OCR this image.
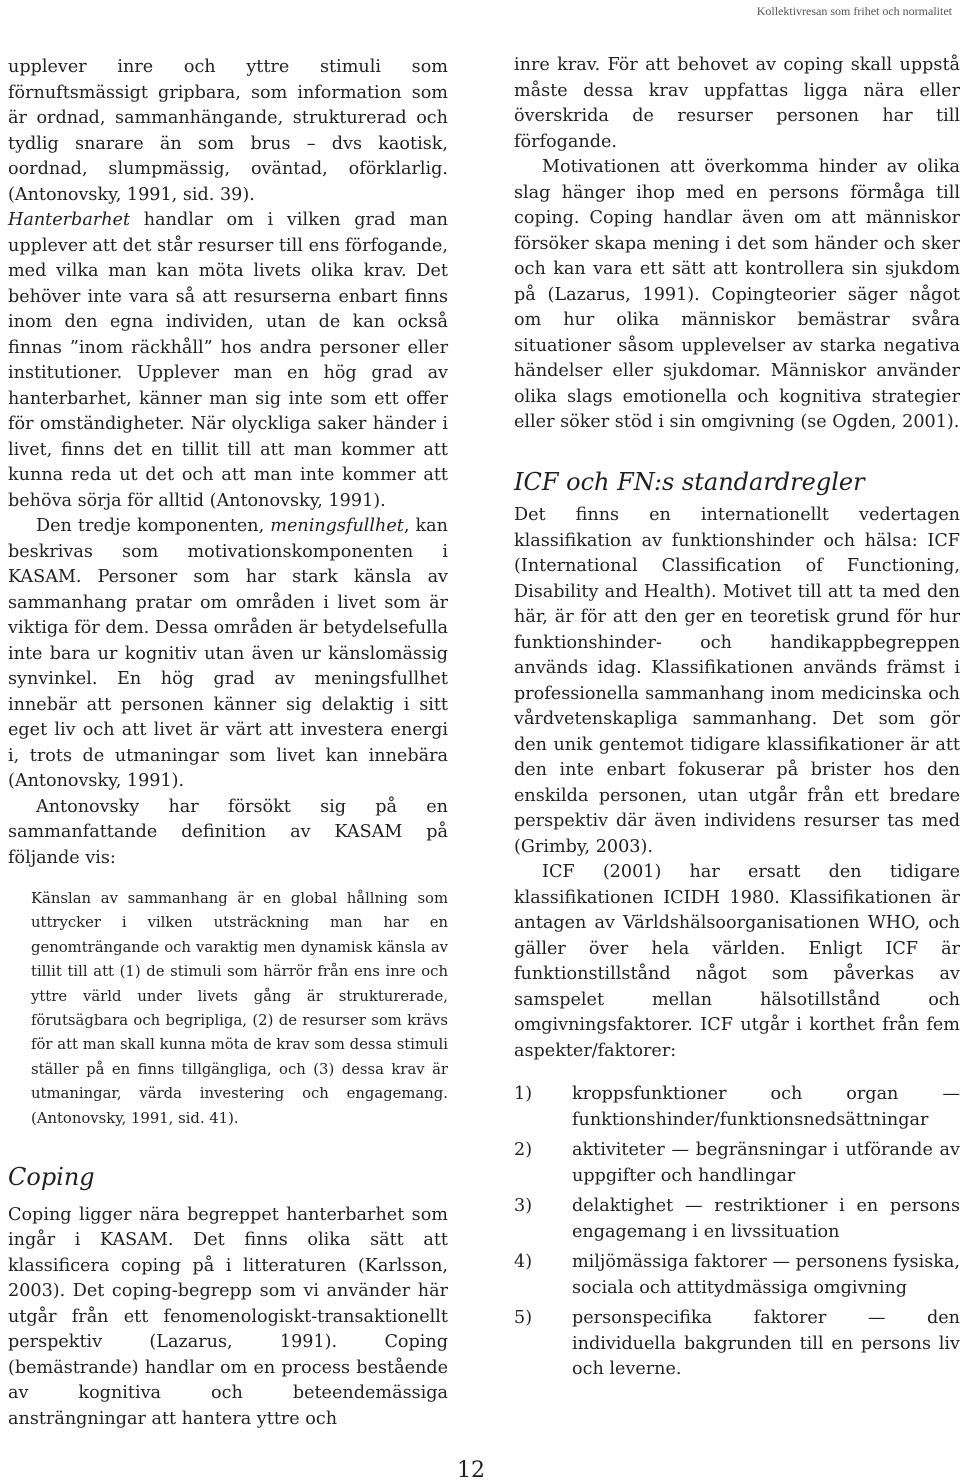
Kollektivresan som frihet och normalitet

upplever inre och yttre stimuli som förnuftsmässigt gripbara, som information som är ordnad, sammanhängande, strukturerad och tydlig snarare än som brus – dvs kaotisk, oordnad, slumpmässig, oväntad, oförklarlig. (Antonovsky, 1991, sid. 39).

Hanterbarhet handlar om i vilken grad man upplever att det står resurser till ens förfogande, med vilka man kan möta livets olika krav. Det behöver inte vara så att resurserna enbart finns inom den egna individen, utan de kan också finnas ”inom räckhåll” hos andra personer eller institutioner. Upplever man en hög grad av hanterbarhet, känner man sig inte som ett offer för omständigheter. När olyckliga saker händer i livet, finns det en tillit till att man kommer att kunna reda ut det och att man inte kommer att behöva sörja för alltid (Antonovsky, 1991).

Den tredje komponenten, meningsfullhet, kan beskrivas som motivationskomponenten i KASAM. Personer som har stark känsla av sammanhang pratar om områden i livet som är viktiga för dem. Dessa områden är betydelsefulla inte bara ur kognitiv utan även ur känslomässig synvinkel. En hög grad av meningsfullhet innebär att personen känner sig delaktig i sitt eget liv och att livet är värt att investera energi i, trots de utmaningar som livet kan innebära (Antonovsky, 1991).

Antonovsky har försökt sig på en sammanfattande definition av KASAM på följande vis:

Känslan av sammanhang är en global hållning som uttrycker i vilken utsträckning man har en genomträngande och varaktig men dynamisk känsla av tillit till att (1) de stimuli som härrör från ens inre och yttre värld under livets gång är strukturerade, förutsägbara och begripliga, (2) de resurser som krävs för att man skall kunna möta de krav som dessa stimuli ställer på en finns tillgängliga, och (3) dessa krav är utmaningar, värda investering och engagemang. (Antonovsky, 1991, sid. 41).
Coping

Coping ligger nära begreppet hanterbarhet som ingår i KASAM. Det finns olika sätt att klassificera coping på i litteraturen (Karlsson, 2003). Det coping-begrepp som vi använder här utgår från ett fenomenologiskt-transaktionellt perspektiv (Lazarus, 1991). Coping (bemästrande) handlar om en process bestående av kognitiva och beteendemässiga ansträngningar att hantera yttre och

inre krav. För att behovet av coping skall uppstå måste dessa krav uppfattas ligga nära eller överskrida de resurser personen har till förfogande.

Motivationen att överkomma hinder av olika slag hänger ihop med en persons förmåga till coping. Coping handlar även om att människor försöker skapa mening i det som händer och sker och kan vara ett sätt att kontrollera sin sjukdom på (Lazarus, 1991). Copingteorier säger något om hur olika människor bemästrar svåra situationer såsom upplevelser av starka negativa händelser eller sjukdomar. Människor använder olika slags emotionella och kognitiva strategier eller söker stöd i sin omgivning (se Ogden, 2001).

ICF och FN:s standardregler

Det finns en internationellt vedertagen klassifikation av funktionshinder och hälsa: ICF (International Classification of Functioning, Disability and Health). Motivet till att ta med den här, är för att den ger en teoretisk grund för hur funktionshinder- och handikappbegreppen används idag. Klassifikationen används främst i professionella sammanhang inom medicinska och vårdvetenskapliga sammanhang. Det som gör den unik gentemot tidigare klassifikationer är att den inte enbart fokuserar på brister hos den enskilda personen, utan utgår från ett bredare perspektiv där även individens resurser tas med (Grimby, 2003).

ICF (2001) har ersatt den tidigare klassifikationen ICIDH 1980. Klassifikationen är antagen av Världshälsoorganisationen WHO, och gäller över hela världen. Enligt ICF är funktionstillstånd något som påverkas av samspelet mellan hälsotillstånd och omgivningsfaktorer. ICF utgår i korthet från fem aspekter/faktorer:

1)	kroppsfunktioner och organ — funktionshinder/funktionsnedsättningar
2)	aktiviteter — begränsningar i utförande av uppgifter och handlingar
3)	delaktighet — restriktioner i en persons engagemang i en livssituation
4)	miljömässiga faktorer — personens fysiska, sociala och attitydmässiga omgivning
5)	personspecifika faktorer — den individuella bakgrunden till en persons liv och leverne.
12
